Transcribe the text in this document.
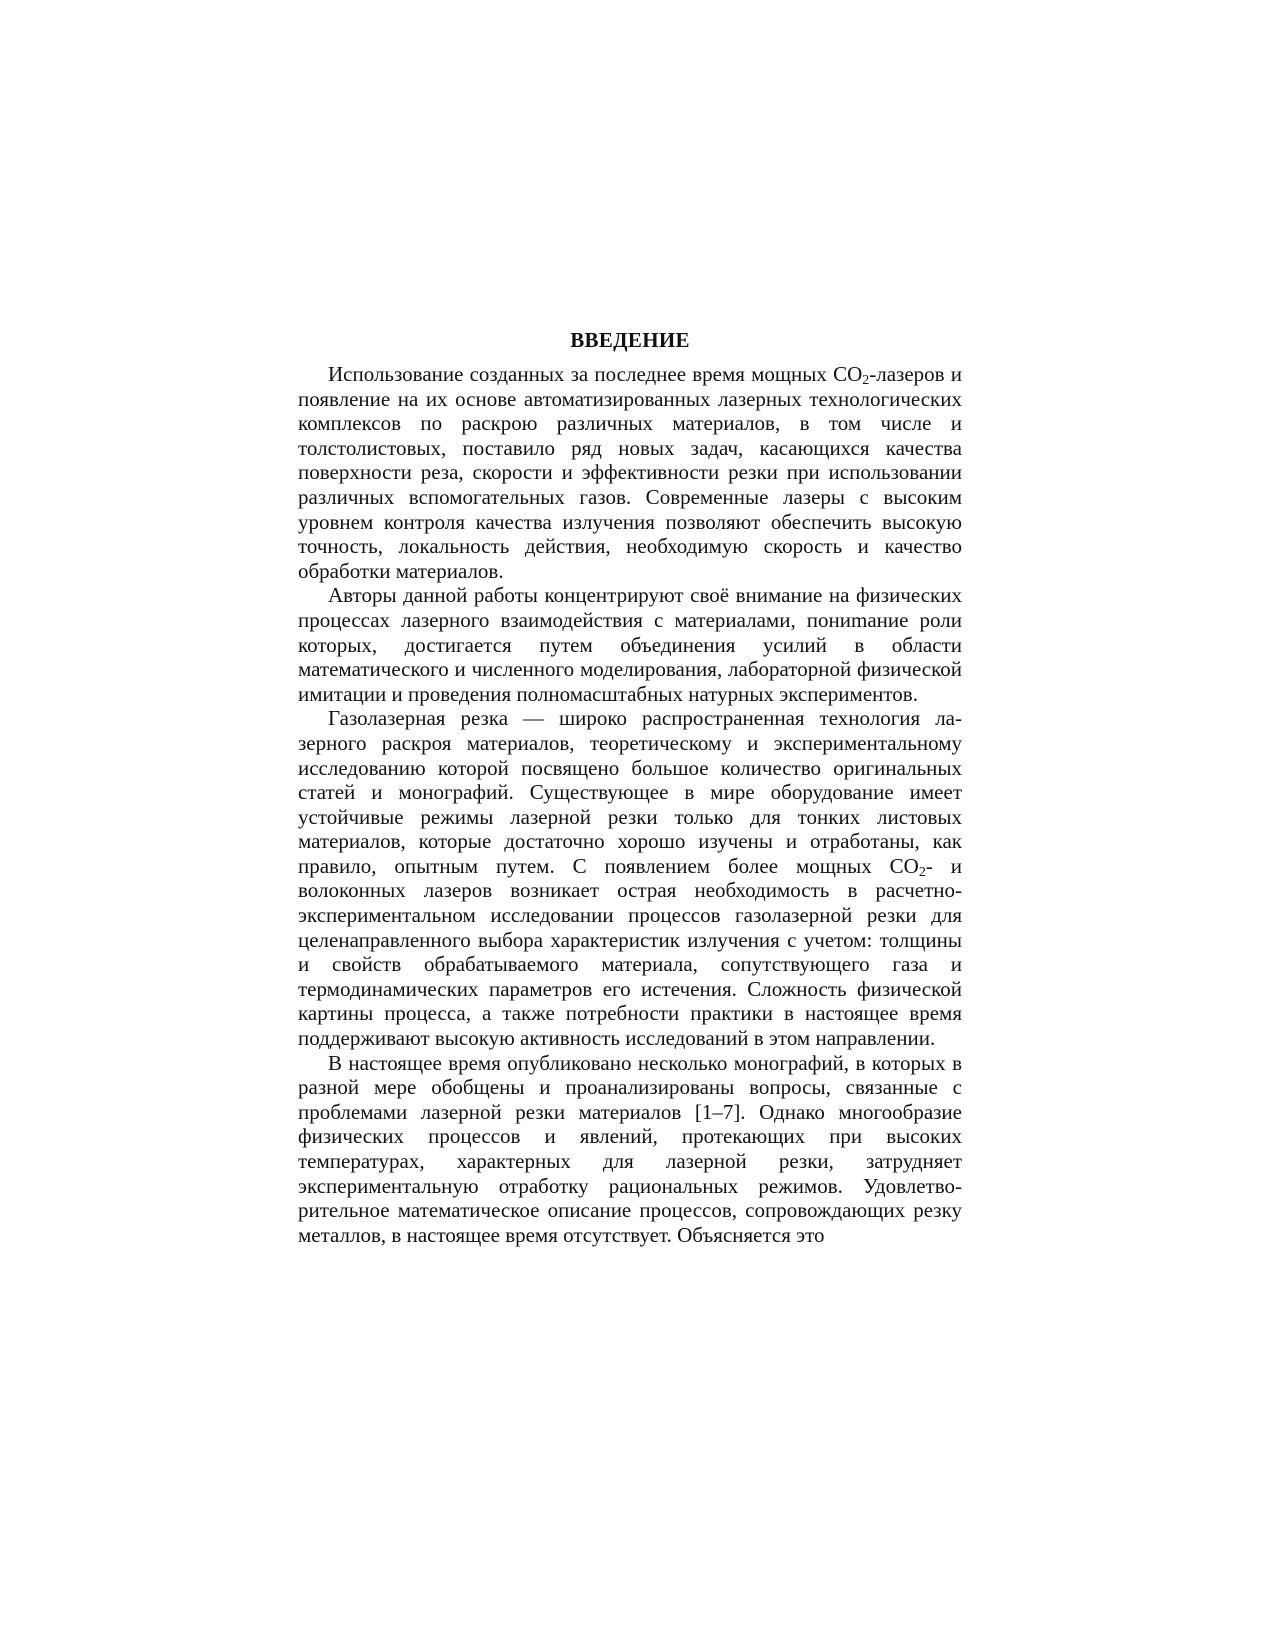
ВВЕДЕНИЕ

Использование созданных за последнее время мощных $CO_2$-лазеров и появление на их основе автоматизированных лазерных технологических комплексов по раскрою различных материалов, в том числе и толстолистовых, поставило ряд новых задач, касающихся качества поверхности реза, скорости и эффективности резки при использовании различных вспомогательных газов. Современные лазеры с высоким уровнем контроля качества излучения позволяют обеспечить высокую точность, локальность действия, необходимую скорость и качество обработки материалов.

Авторы данной работы концентрируют своё внимание на физических процессах лазерного взаимодействия с материалами, пониmание роли которых, достигается путем объединения усилий в области математического и численного моделирования, лабораторной физической имитации и проведения полномасштабных натурных экспериментов.

Газолазерная резка — широко распространенная технология лазерного раскроя материалов, теоретическому и экспериментальному исследованию которой посвящено большое количество оригинальных статей и монографий. Существующее в мире оборудование имеет устойчивые режимы лазерной резки только для тонких листовых материалов, которые достаточно хорошо изучены и отработаны, как правило, опытным путем. С появлением более мощных $CO_2-$ и волоконных лазеров возникает острая необходимость в расчетно-экспериментальном исследовании процессов газолазерной резки для целенаправленного выбора характеристик излучения с учетом: толщины и свойств обрабатываемого материала, сопутствующего газа и термодинамических параметров его истечения. Сложность физической картины процесса, а также потребности практики в настоящее время поддерживают высокую активность исследований в этом направлении.

В настоящее время опубликовано несколько монографий, в которых в разной мере обобщены и проанализированы вопросы, связанные с проблемами лазерной резки материалов [1–7]. Однако многообразие физических процессов и явлений, протекающих при высоких температурах, характерных для лазерной резки, затрудняет экспериментальную отработку рациональных режимов. Удовлетворительное математическое описание процессов, сопровождающих резку металлов, в настоящее время отсутствует. Объясняется это
